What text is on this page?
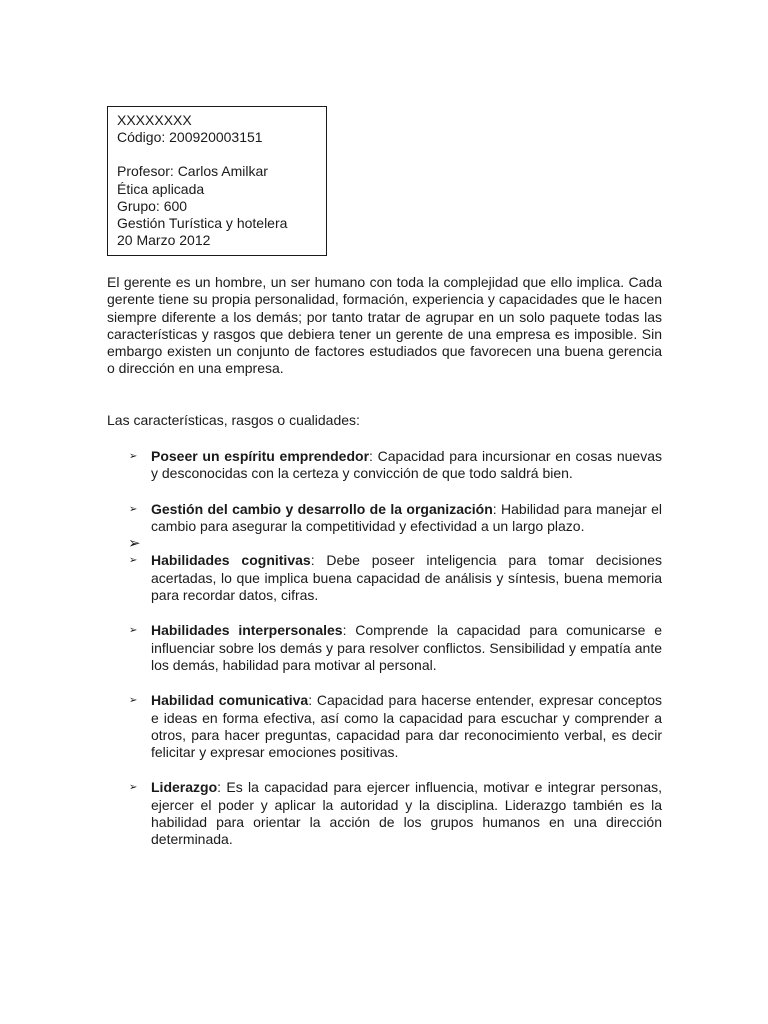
XXXXXXXX
Código: 200920003151
Profesor: Carlos Amilkar
Ética aplicada
Grupo: 600
Gestión Turística y hotelera
20 Marzo 2012

El gerente es un hombre, un ser humano con toda la complejidad que ello implica. Cada gerente tiene su propia personalidad, formación, experiencia y capacidades que le hacen siempre diferente a los demás; por tanto tratar de agrupar en un solo paquete todas las características y rasgos que debiera tener un gerente de una empresa es imposible. Sin embargo existen un conjunto de factores estudiados que favorecen una buena gerencia o dirección en una empresa.

Las características, rasgos o cualidades:

➢ Poseer un espíritu emprendedor: Capacidad para incursionar en cosas nuevas y desconocidas con la certeza y convicción de que todo saldrá bien.
➢ Gestión del cambio y desarrollo de la organización: Habilidad para manejar el cambio para asegurar la competitividad y efectividad a un largo plazo.
➢
➢ Habilidades cognitivas: Debe poseer inteligencia para tomar decisiones acertadas, lo que implica buena capacidad de análisis y síntesis, buena memoria para recordar datos, cifras.
➢ Habilidades interpersonales: Comprende la capacidad para comunicarse e influenciar sobre los demás y para resolver conflictos. Sensibilidad y empatía ante los demás, habilidad para motivar al personal.
➢ Habilidad comunicativa: Capacidad para hacerse entender, expresar conceptos e ideas en forma efectiva, así como la capacidad para escuchar y comprender a otros, para hacer preguntas, capacidad para dar reconocimiento verbal, es decir felicitar y expresar emociones positivas.
➢ Liderazgo: Es la capacidad para ejercer influencia, motivar e integrar personas, ejercer el poder y aplicar la autoridad y la disciplina. Liderazgo también es la habilidad para orientar la acción de los grupos humanos en una dirección determinada.
